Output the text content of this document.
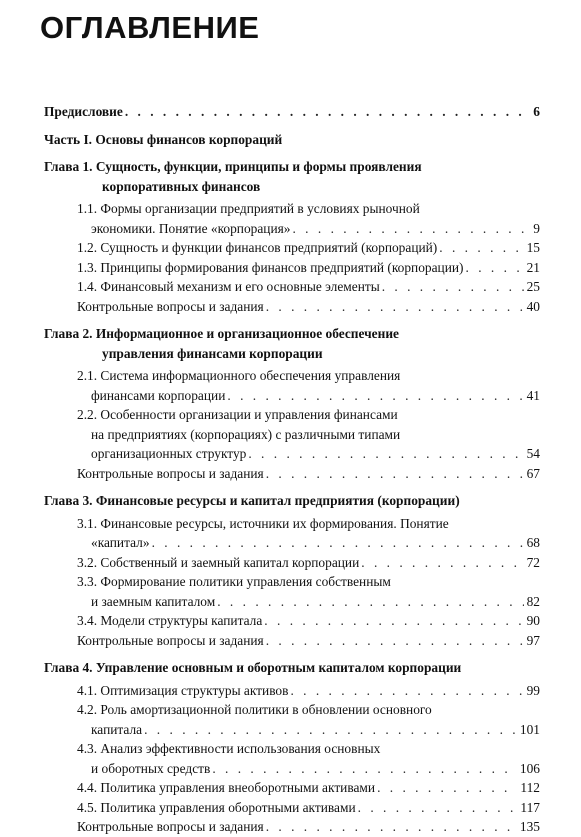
ОГЛАВЛЕНИЕ
Предисловие . . .	6
Часть I. Основы финансов корпораций
Глава 1. Сущность, функции, принципы и формы проявления
корпоративных финансов
1.1. Формы организации предприятий в условиях рыночной
экономики. Понятие «корпорация» . . .	9
1.2. Сущность и функции финансов предприятий (корпораций) . . .	15
1.3. Принципы формирования финансов предприятий (корпорации) . . .	21
1.4. Финансовый механизм и его основные элементы . . .	25
Контрольные вопросы и задания . . .	40
Глава 2. Информационное и организационное обеспечение
управления финансами корпорации
2.1. Система информационного обеспечения управления
финансами корпорации . . .	41
2.2. Особенности организации и управления финансами
на предприятиях (корпорациях) с различными типами
организационных структур . . .	54
Контрольные вопросы и задания . . .	67
Глава 3. Финансовые ресурсы и капитал предприятия (корпорации)
3.1. Финансовые ресурсы, источники их формирования. Понятие
«капитал» . . .	68
3.2. Собственный и заемный капитал корпорации . . .	72
3.3. Формирование политики управления собственным
и заемным капиталом . . .	82
3.4. Модели структуры капитала . . .	90
Контрольные вопросы и задания . . .	97
Глава 4. Управление основным и оборотным капиталом корпорации
4.1. Оптимизация структуры активов . . .	99
4.2. Роль амортизационной политики в обновлении основного
капитала . . .	101
4.3. Анализ эффективности использования основных
и оборотных средств . . .	106
4.4. Политика управления внеоборотными активами . . .	112
4.5. Политика управления оборотными активами . . .	117
Контрольные вопросы и задания . . .	135
